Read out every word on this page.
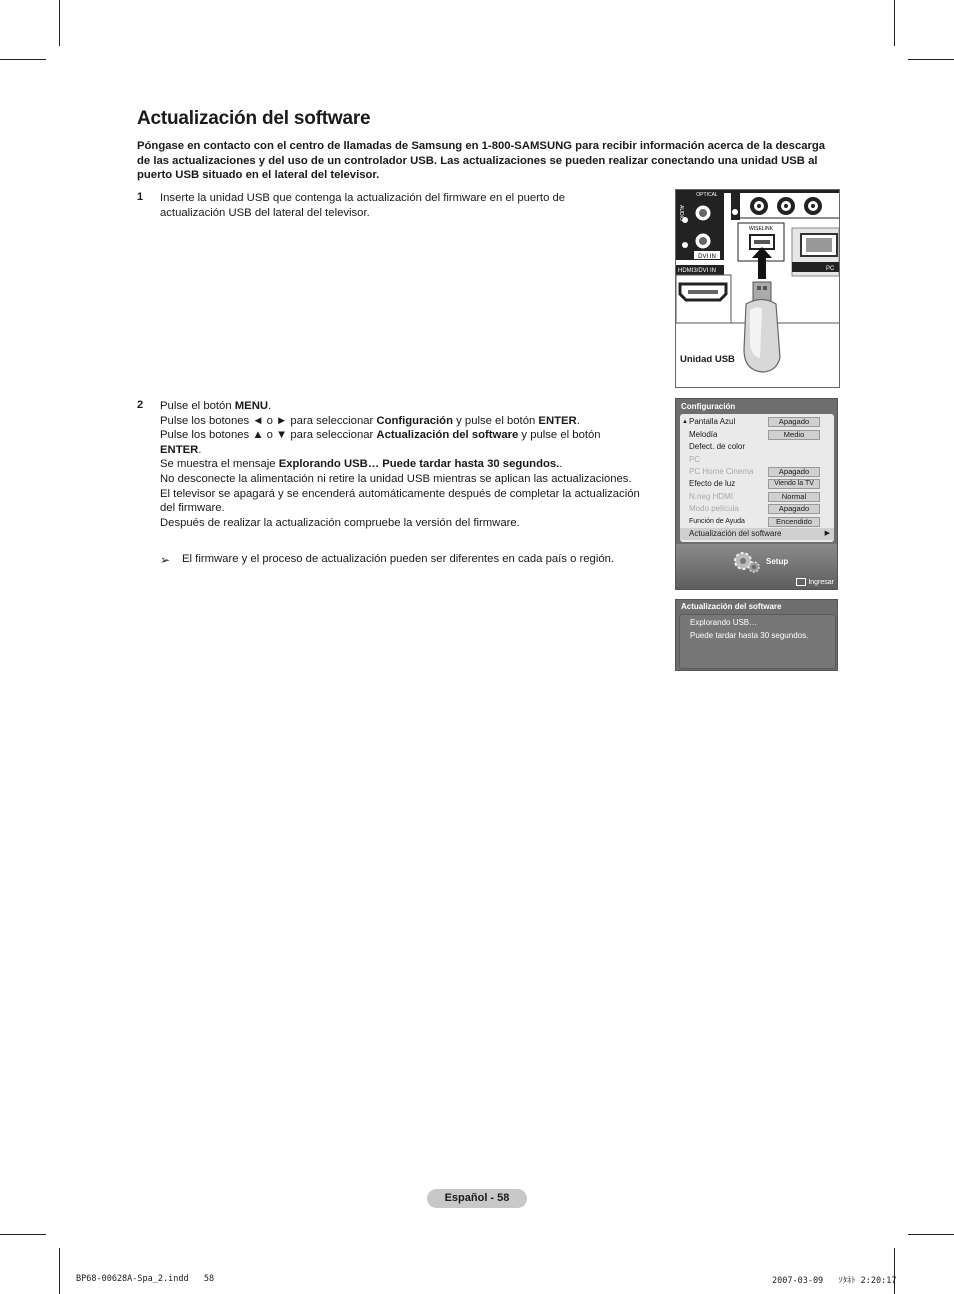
Actualización del software

Póngase en contacto con el centro de llamadas de Samsung en 1-800-SAMSUNG para recibir información acerca de la descarga de las actualizaciones y del uso de un controlador USB. Las actualizaciones se pueden realizar conectando una unidad USB al puerto USB situado en el lateral del televisor.

1 Inserte la unidad USB que contenga la actualización del firmware en el puerto de actualización USB del lateral del televisor.
2 Pulse el botón MENU.

Pulse los botones ◄ o ► para seleccionar Configuración y pulse el botón ENTER.

Pulse los botones ▲ o ▼ para seleccionar Actualización del software y pulse el botón ENTER.

Se muestra el mensaje Explorando USB… Puede tardar hasta 30 segundos..

No desconecte la alimentación ni retire la unidad USB mientras se aplican las actualizaciones.

El televisor se apagará y se encenderá automáticamente después de completar la actualización del firmware.

Después de realizar la actualización compruebe la versión del firmware.

➢	El firmware y el proceso de actualización pueden ser diferentes en cada país o región.
DVI IN
OPTICAL
AUDIO
WISELINK
PC
HDMI3/DVI IN
Unidad USB
Configuración
▲ Pantalla Azul	Apagado
Melodía	Medio
Defect. de color
PC
PC Home Cinema	Apagado
Efecto de luz	Viendo la TV
N.neg HDMI	Normal
Modo película	Apagado
Función de Ayuda	Encendido
Actualización del software	▶
Setup
Ingresar
Actualización del software
Explorando USB…
Puede tardar hasta 30 segundos.
Español - 58
BP68-00628A-Spa_2.indd   58	2007-03-09   ｿﾀﾈﾄ 2:20:17
